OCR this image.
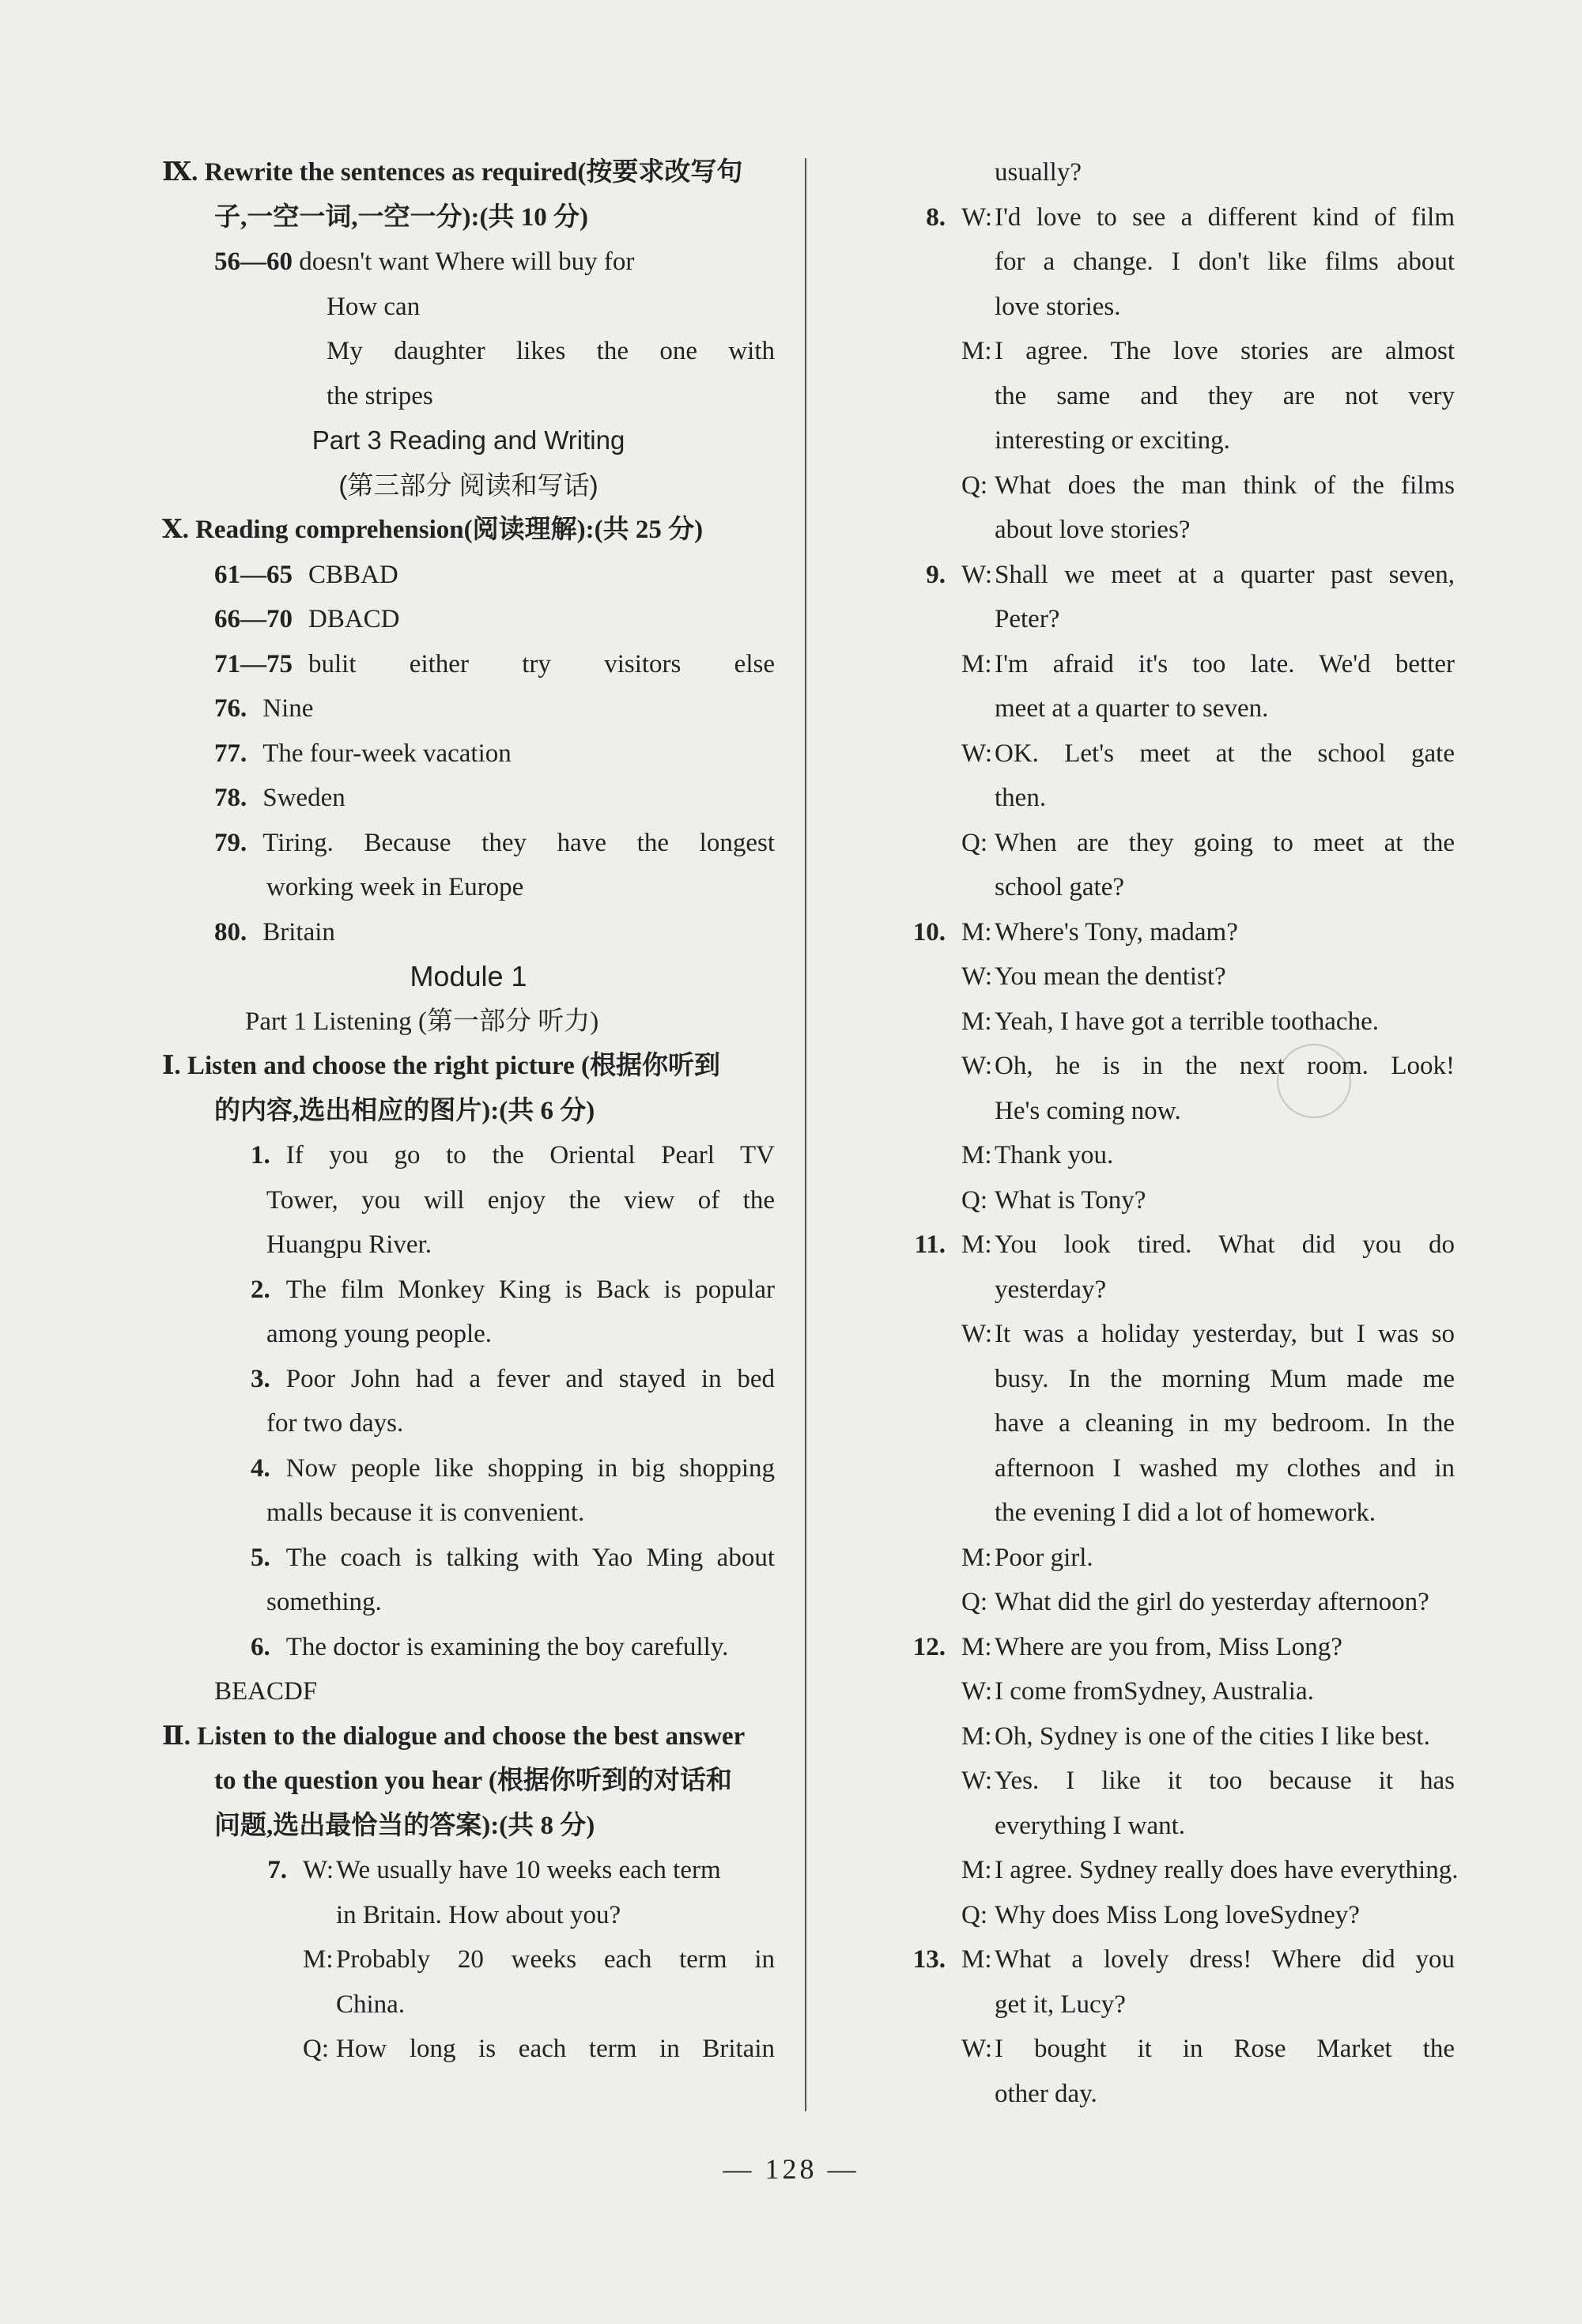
Ⅸ. Rewrite the sentences as required(按要求改写句
子,一空一词,一空一分):(共 10 分)
56—60 doesn't want Where will buy for
How can
My daughter likes the one with
the stripes
Part 3 Reading and Writing
(第三部分 阅读和写话)
Ⅹ. Reading comprehension(阅读理解):(共 25 分)
61—65 CBBAD
66—70 DBACD
71—75 bulit either try visitors else
76. Nine
77. The four-week vacation
78. Sweden
79. Tiring. Because they have the longest
working week in Europe
80. Britain
Module 1
Part 1 Listening (第一部分 听力)
Ⅰ. Listen and choose the right picture (根据你听到
的内容,选出相应的图片):(共 6 分)
1. If you go to the Oriental Pearl TV
Tower, you will enjoy the view of the
Huangpu River.
2. The film Monkey King is Back is popular
among young people.
3. Poor John had a fever and stayed in bed
for two days.
4. Now people like shopping in big shopping
malls because it is convenient.
5. The coach is talking with Yao Ming about
something.
6. The doctor is examining the boy carefully.
BEACDF
Ⅱ. Listen to the dialogue and choose the best answer
to the question you hear (根据你听到的对话和
问题,选出最恰当的答案):(共 8 分)
7. W: We usually have 10 weeks each term
in Britain. How about you?
M: Probably 20 weeks each term in
China.
Q: How long is each term in Britain
usually?
8. W: I'd love to see a different kind of film
for a change. I don't like films about
love stories.
M: I agree. The love stories are almost
the same and they are not very
interesting or exciting.
Q: What does the man think of the films
about love stories?
9. W: Shall we meet at a quarter past seven,
Peter?
M: I'm afraid it's too late. We'd better
meet at a quarter to seven.
W: OK. Let's meet at the school gate
then.
Q: When are they going to meet at the
school gate?
10. M: Where's Tony, madam?
W: You mean the dentist?
M: Yeah, I have got a terrible toothache.
W: Oh, he is in the next room. Look!
He's coming now.
M: Thank you.
Q: What is Tony?
11. M: You look tired. What did you do
yesterday?
W: It was a holiday yesterday, but I was so
busy. In the morning Mum made me
have a cleaning in my bedroom. In the
afternoon I washed my clothes and in
the evening I did a lot of homework.
M: Poor girl.
Q: What did the girl do yesterday afternoon?
12. M: Where are you from, Miss Long?
W: I come fromSydney, Australia.
M: Oh, Sydney is one of the cities I like best.
W: Yes. I like it too because it has
everything I want.
M: I agree. Sydney really does have everything.
Q: Why does Miss Long loveSydney?
13. M: What a lovely dress! Where did you
get it, Lucy?
W: I bought it in Rose Market the
other day.
— 128 —
